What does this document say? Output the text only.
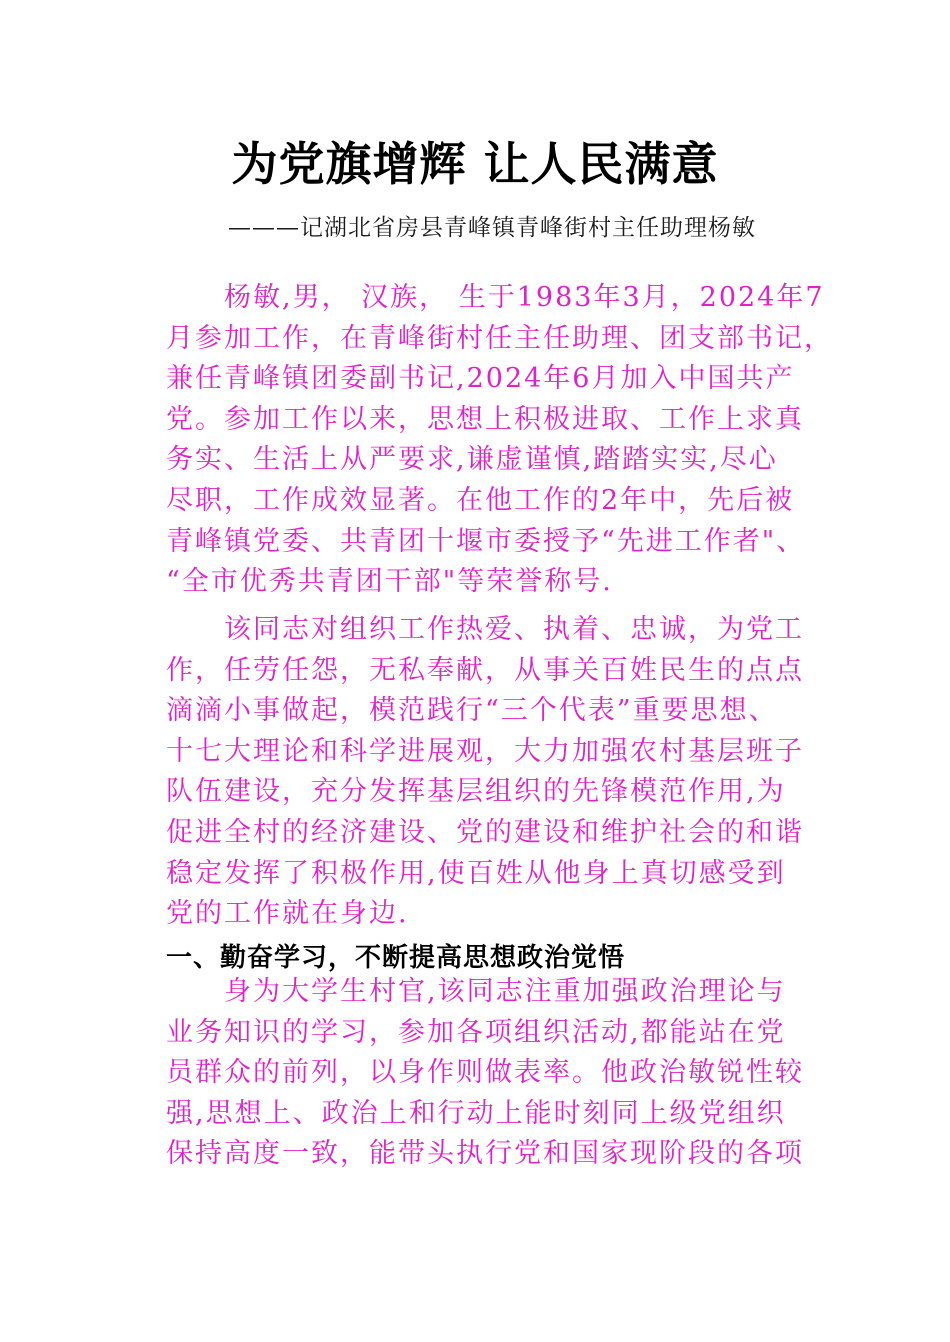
为党旗增辉 让人民满意

———记湖北省房县青峰镇青峰街村主任助理杨敏

　　杨敏,男， 汉族， 生于1983年3月，2024年7
月参加工作，在青峰街村任主任助理、团支部书记，
兼任青峰镇团委副书记,2024年6月加入中国共产
党。参加工作以来，思想上积极进取、工作上求真
务实、生活上从严要求,谦虚谨慎,踏踏实实,尽心
尽职，工作成效显著。在他工作的2年中，先后被
青峰镇党委、共青团十堰市委授予“先进工作者"、
“全市优秀共青团干部"等荣誉称号.
　　该同志对组织工作热爱、执着、忠诚，为党工
作，任劳任怨，无私奉献，从事关百姓民生的点点
滴滴小事做起，模范践行“三个代表”重要思想、
十七大理论和科学进展观，大力加强农村基层班子
队伍建设，充分发挥基层组织的先锋模范作用,为
促进全村的经济建设、党的建设和维护社会的和谐
稳定发挥了积极作用,使百姓从他身上真切感受到
党的工作就在身边.
一、勤奋学习，不断提高思想政治觉悟
　　身为大学生村官,该同志注重加强政治理论与
业务知识的学习，参加各项组织活动,都能站在党
员群众的前列，以身作则做表率。他政治敏锐性较
强,思想上、政治上和行动上能时刻同上级党组织
保持高度一致，能带头执行党和国家现阶段的各项
